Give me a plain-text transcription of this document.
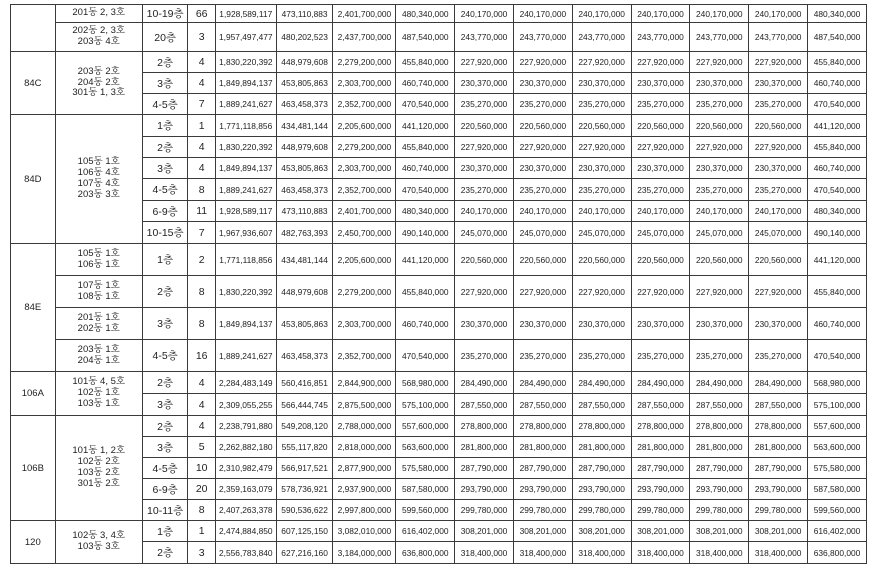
	201동 2, 3호	10-19층	66	1,928,589,117	473,110,883	2,401,700,000	480,340,000	240,170,000	240,170,000	240,170,000	240,170,000	240,170,000	240,170,000	480,340,000

	202동 2, 3호
203동 4호	20층	3	1,957,497,477	480,202,523	2,437,700,000	487,540,000	243,770,000	243,770,000	243,770,000	243,770,000	243,770,000	243,770,000	487,540,000
84C	203동 2호
204동 2호
301동 1, 3호	2층	4	1,830,220,392	448,979,608	2,279,200,000	455,840,000	227,920,000	227,920,000	227,920,000	227,920,000	227,920,000	227,920,000	455,840,000
		3층	4	1,849,894,137	453,805,863	2,303,700,000	460,740,000	230,370,000	230,370,000	230,370,000	230,370,000	230,370,000	230,370,000	460,740,000
		4-5층	7	1,889,241,627	463,458,373	2,352,700,000	470,540,000	235,270,000	235,270,000	235,270,000	235,270,000	235,270,000	235,270,000	470,540,000
84D	105동 1호
106동 4호
107동 4호
203동 3호	1층	1	1,771,118,856	434,481,144	2,205,600,000	441,120,000	220,560,000	220,560,000	220,560,000	220,560,000	220,560,000	220,560,000	441,120,000
		2층	4	1,830,220,392	448,979,608	2,279,200,000	455,840,000	227,920,000	227,920,000	227,920,000	227,920,000	227,920,000	227,920,000	455,840,000
		3층	4	1,849,894,137	453,805,863	2,303,700,000	460,740,000	230,370,000	230,370,000	230,370,000	230,370,000	230,370,000	230,370,000	460,740,000
		4-5층	8	1,889,241,627	463,458,373	2,352,700,000	470,540,000	235,270,000	235,270,000	235,270,000	235,270,000	235,270,000	235,270,000	470,540,000
		6-9층	11	1,928,589,117	473,110,883	2,401,700,000	480,340,000	240,170,000	240,170,000	240,170,000	240,170,000	240,170,000	240,170,000	480,340,000
		10-15층	7	1,967,936,607	482,763,393	2,450,700,000	490,140,000	245,070,000	245,070,000	245,070,000	245,070,000	245,070,000	245,070,000	490,140,000
84E	105동 1호
106동 1호	1층	2	1,771,118,856	434,481,144	2,205,600,000	441,120,000	220,560,000	220,560,000	220,560,000	220,560,000	220,560,000	220,560,000	441,120,000

	107동 1호
108동 1호	2층	8	1,830,220,392	448,979,608	2,279,200,000	455,840,000	227,920,000	227,920,000	227,920,000	227,920,000	227,920,000	227,920,000	455,840,000

	201동 1호
202동 1호	3층	8	1,849,894,137	453,805,863	2,303,700,000	460,740,000	230,370,000	230,370,000	230,370,000	230,370,000	230,370,000	230,370,000	460,740,000

	203동 1호
204동 1호	4-5층	16	1,889,241,627	463,458,373	2,352,700,000	470,540,000	235,270,000	235,270,000	235,270,000	235,270,000	235,270,000	235,270,000	470,540,000
106A	101동 4, 5호
102동 1호
103동 1호	2층	4	2,284,483,149	560,416,851	2,844,900,000	568,980,000	284,490,000	284,490,000	284,490,000	284,490,000	284,490,000	284,490,000	568,980,000
		3층	4	2,309,055,255	566,444,745	2,875,500,000	575,100,000	287,550,000	287,550,000	287,550,000	287,550,000	287,550,000	287,550,000	575,100,000
106B	101동 1, 2호
102동 2호
103동 2호
301동 2호	2층	4	2,238,791,880	549,208,120	2,788,000,000	557,600,000	278,800,000	278,800,000	278,800,000	278,800,000	278,800,000	278,800,000	557,600,000
		3층	5	2,262,882,180	555,117,820	2,818,000,000	563,600,000	281,800,000	281,800,000	281,800,000	281,800,000	281,800,000	281,800,000	563,600,000
		4-5층	10	2,310,982,479	566,917,521	2,877,900,000	575,580,000	287,790,000	287,790,000	287,790,000	287,790,000	287,790,000	287,790,000	575,580,000
		6-9층	20	2,359,163,079	578,736,921	2,937,900,000	587,580,000	293,790,000	293,790,000	293,790,000	293,790,000	293,790,000	293,790,000	587,580,000
		10-11층	8	2,407,263,378	590,536,622	2,997,800,000	599,560,000	299,780,000	299,780,000	299,780,000	299,780,000	299,780,000	299,780,000	599,560,000
120	102동 3, 4호
103동 3호	1층	1	2,474,884,850	607,125,150	3,082,010,000	616,402,000	308,201,000	308,201,000	308,201,000	308,201,000	308,201,000	308,201,000	616,402,000
		2층	3	2,556,783,840	627,216,160	3,184,000,000	636,800,000	318,400,000	318,400,000	318,400,000	318,400,000	318,400,000	318,400,000	636,800,000
